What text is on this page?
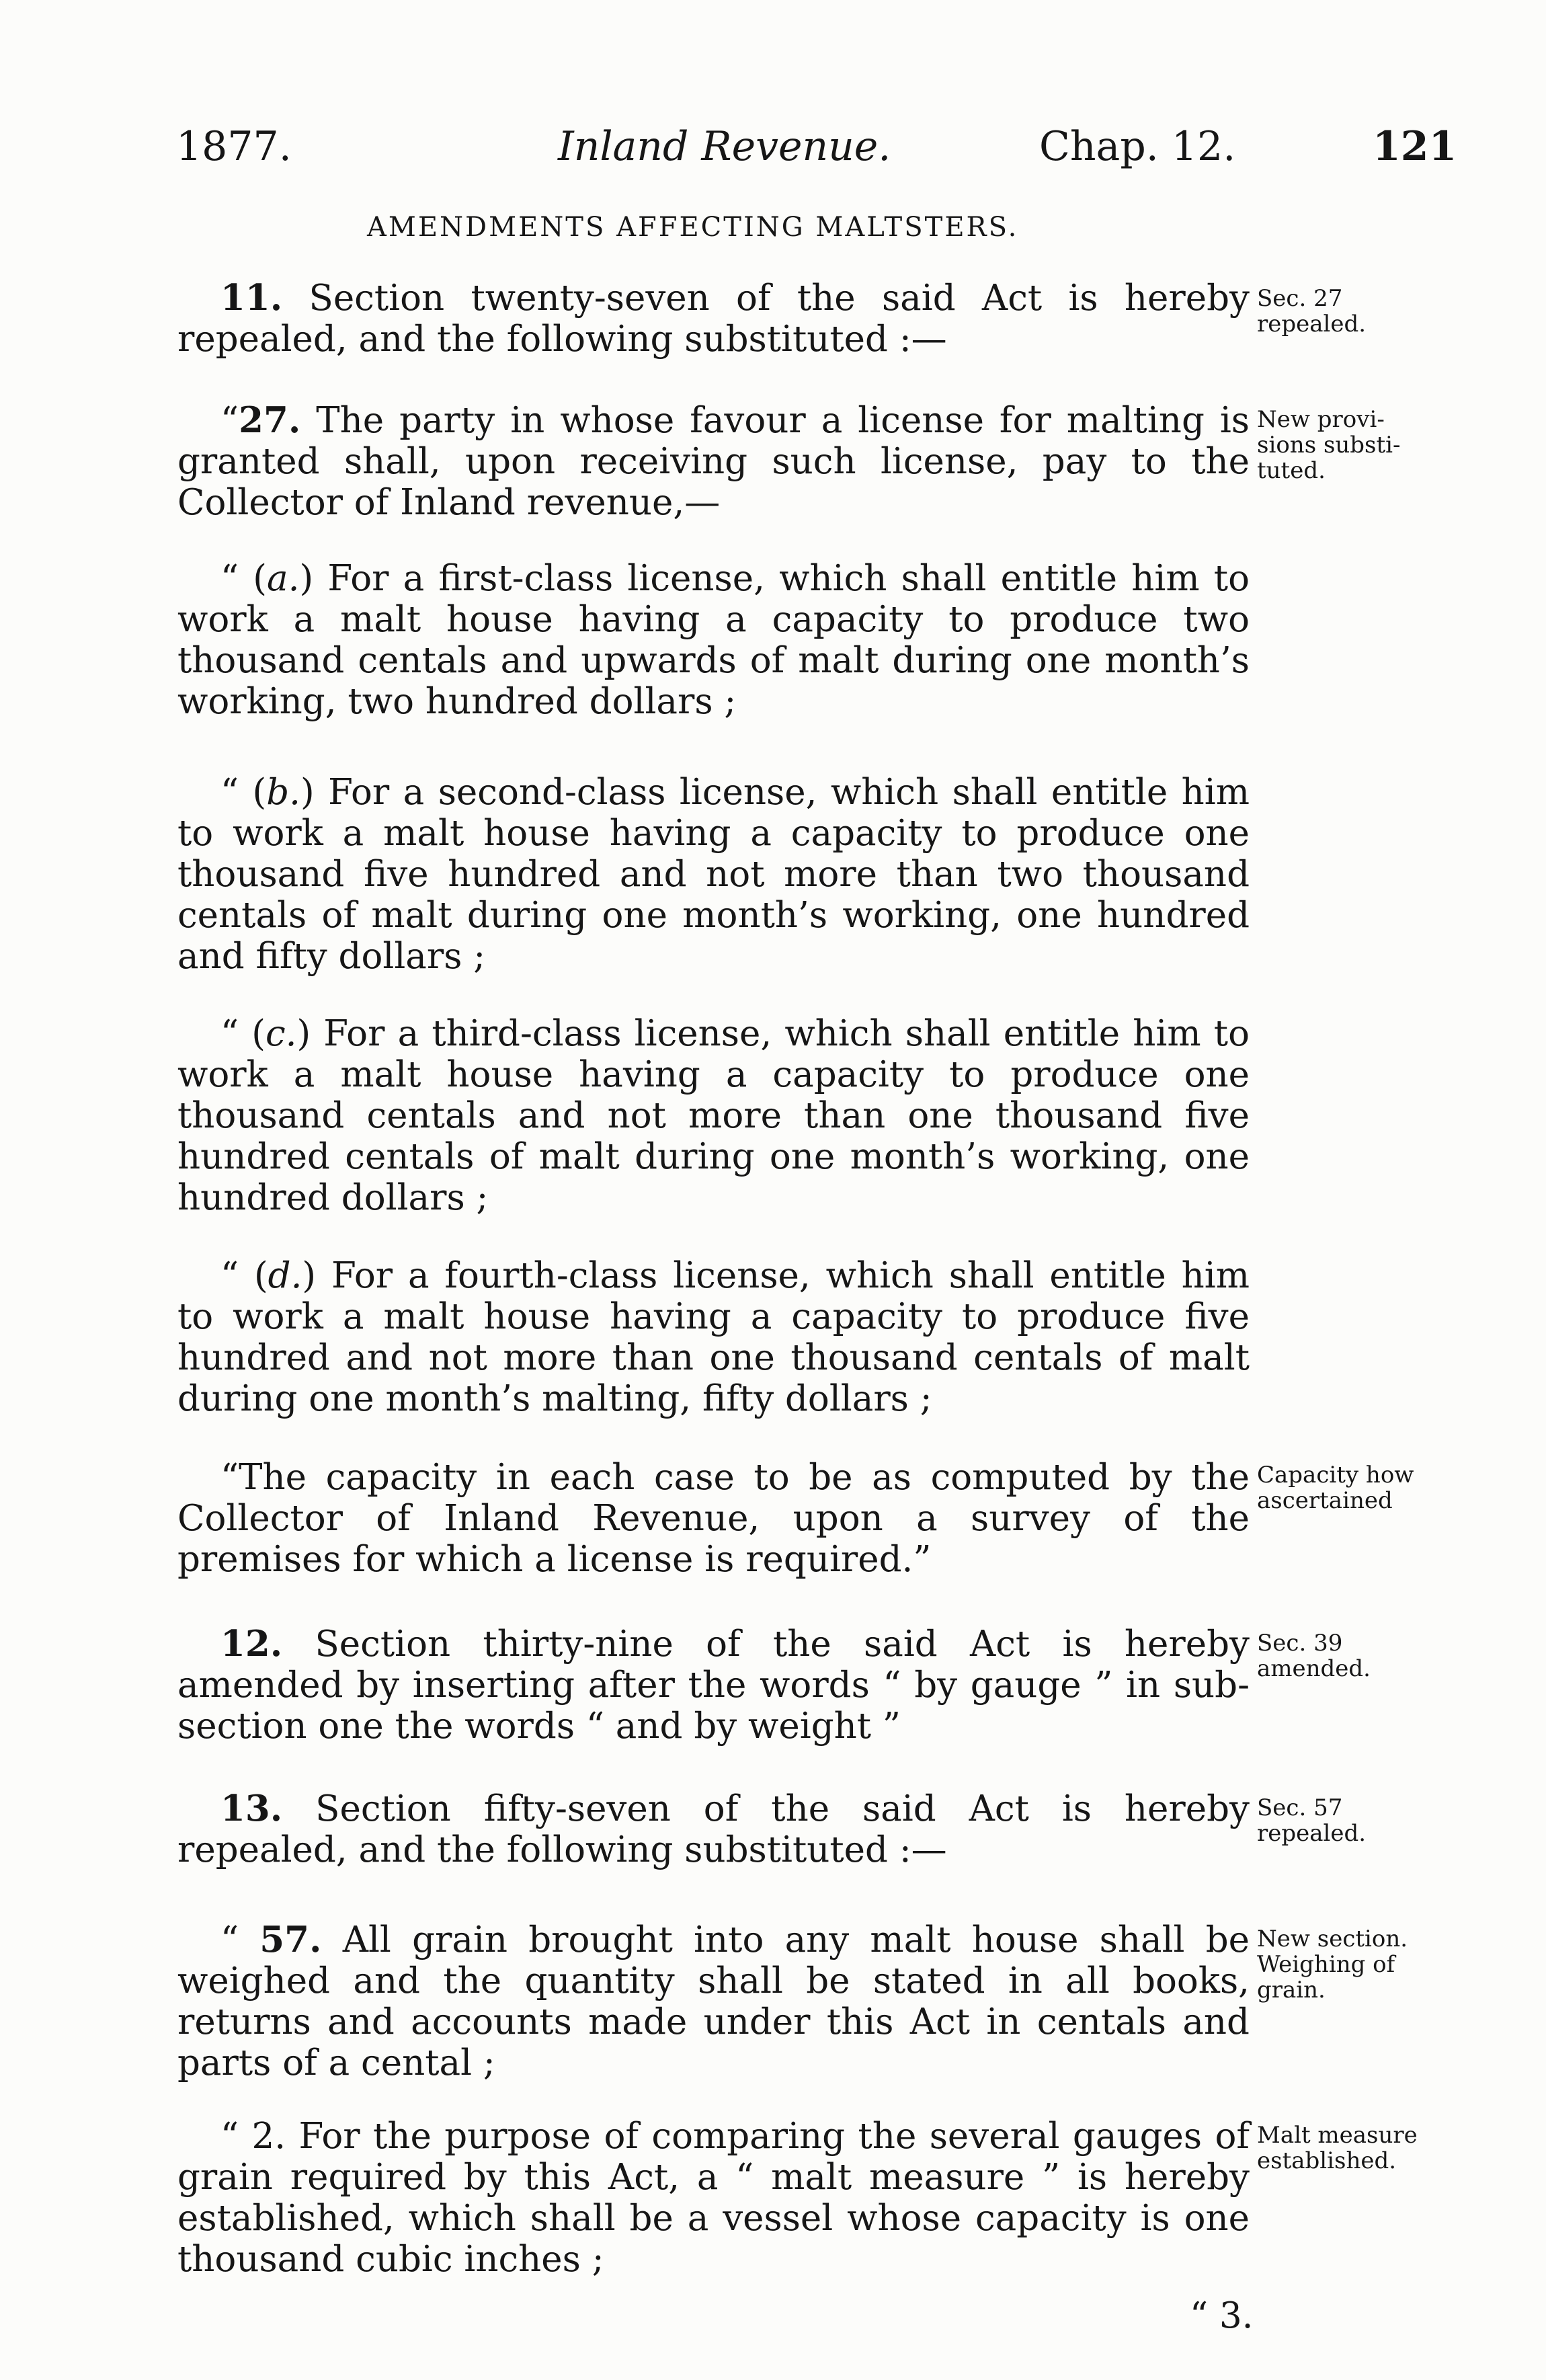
1877.	Inland Revenue.	Chap. 12.	121
AMENDMENTS AFFECTING MALTSTERS.
11. Section twenty-seven of the said Act is hereby repealed, and the following substituted :—
Sec. 27
repealed.
“27. The party in whose favour a license for malting is granted shall, upon receiving such license, pay to the Collector of Inland revenue,—
New provi-
sions substi-
tuted.
“ (a.) For a first-class license, which shall entitle him to work a malt house having a capacity to produce two thousand centals and upwards of malt during one month’s working, two hundred dollars ;
“ (b.) For a second-class license, which shall entitle him to work a malt house having a capacity to produce one thousand five hundred and not more than two thousand centals of malt during one month’s working, one hundred and fifty dollars ;
“ (c.) For a third-class license, which shall entitle him to work a malt house having a capacity to produce one thousand centals and not more than one thousand five hundred centals of malt during one month’s working, one hundred dollars ;
“ (d.) For a fourth-class license, which shall entitle him to work a malt house having a capacity to produce five hundred and not more than one thousand centals of malt during one month’s malting, fifty dollars ;
“The capacity in each case to be as computed by the Collector of Inland Revenue, upon a survey of the premises for which a license is required.”
Capacity how
ascertained
12. Section thirty-nine of the said Act is hereby amended by inserting after the words “ by gauge ” in sub-section one the words “ and by weight ”
Sec. 39
amended.
13. Section fifty-seven of the said Act is hereby repealed, and the following substituted :—
Sec. 57
repealed.
“ 57. All grain brought into any malt house shall be weighed and the quantity shall be stated in all books, returns and accounts made under this Act in centals and parts of a cental ;
New section.
Weighing of
grain.
“ 2. For the purpose of comparing the several gauges of grain required by this Act, a “ malt measure ” is hereby established, which shall be a vessel whose capacity is one thousand cubic inches ;
Malt measure
established.
“ 3.
